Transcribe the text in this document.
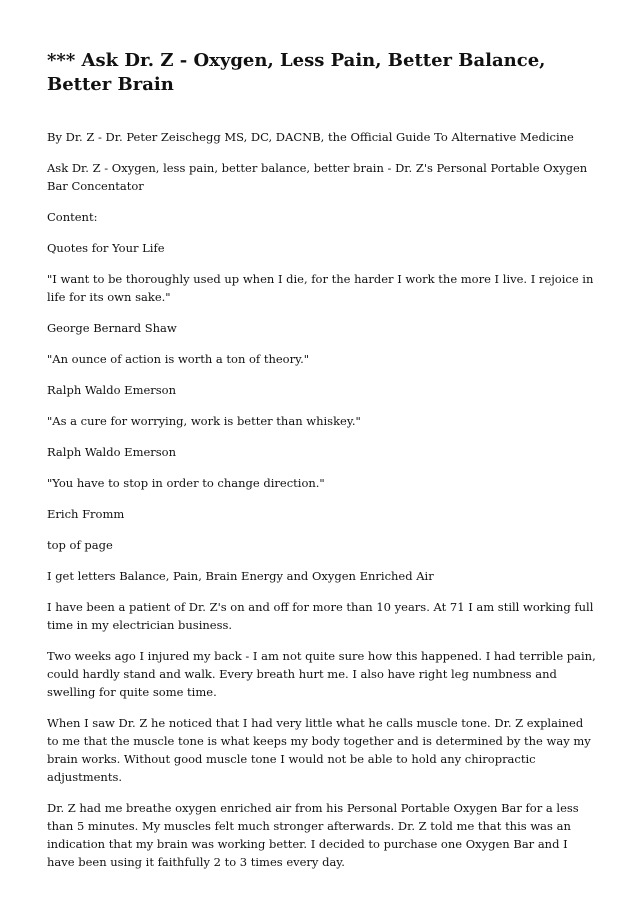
*** Ask Dr. Z - Oxygen, Less Pain, Better Balance, Better Brain

By Dr. Z - Dr. Peter Zeischegg MS, DC, DACNB, the Official Guide To Alternative Medicine

Ask Dr. Z - Oxygen, less pain, better balance, better brain - Dr. Z's Personal Portable Oxygen Bar Concentator

Content:

Quotes for Your Life

"I want to be thoroughly used up when I die, for the harder I work the more I live. I rejoice in life for its own sake."

George Bernard Shaw

"An ounce of action is worth a ton of theory."

Ralph Waldo Emerson

"As a cure for worrying, work is better than whiskey."

Ralph Waldo Emerson

"You have to stop in order to change direction."

Erich Fromm

top of page

I get letters Balance, Pain, Brain Energy and Oxygen Enriched Air

I have been a patient of Dr. Z's on and off for more than 10 years. At 71 I am still working full time in my electrician business.

Two weeks ago I injured my back - I am not quite sure how this happened. I had terrible pain, could hardly stand and walk. Every breath hurt me. I also have right leg numbness and swelling for quite some time.

When I saw Dr. Z he noticed that I had very little what he calls muscle tone. Dr. Z explained to me that the muscle tone is what keeps my body together and is determined by the way my brain works. Without good muscle tone I would not be able to hold any chiropractic adjustments.

Dr. Z had me breathe oxygen enriched air from his Personal Portable Oxygen Bar for a less than 5 minutes. My muscles felt much stronger afterwards. Dr. Z told me that this was an indication that my brain was working better. I decided to purchase one Oxygen Bar and I have been using it faithfully 2 to 3 times every day.
